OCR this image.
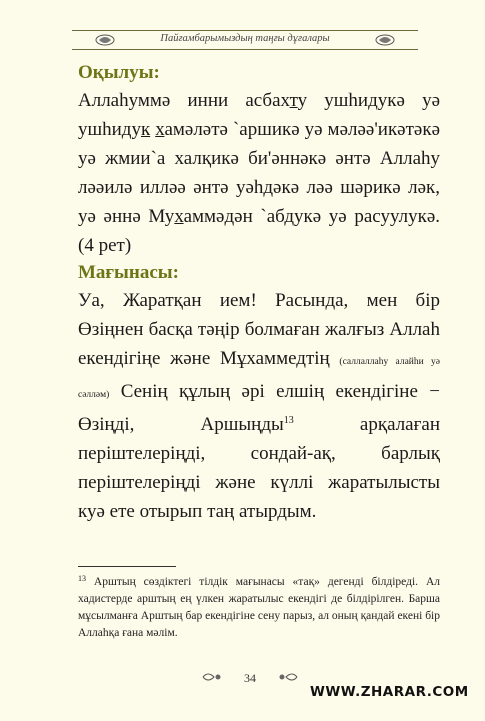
Пайғамбарымыздың таңғы дұғалары
Оқылуы:

Аллаһуммә инни асбахту ушһидукә уә ушһидук хамәләтә `аршикә уә мәләә'икәтәкә уә жмии`а халқикә би'әннәкә әнтә Аллаһу ләәилә илләә әнтә уәһдәкә ләә шәрикә ләк, уә әннә Мухаммәдән `абдукә уә расуулукә. (4 рет)

Мағынасы:

Уа, Жаратқан ием! Расында, мен бір Өзіңнен басқа тәңір болмаған жалғыз Аллаһ екендігіңе және Мұхаммедтің (саллаллаһу алайһи уә сәлләм) Сенің құлың әрі елшің екендігіне − Өзіңді, Аршыңды$^{13}$ арқалаған періштелеріңді, сондай-ақ, барлық періштелеріңді және күллі жаратылысты куә ете отырып таң атырдым.

$^{13}$ Арштың сөздіктегі тілдік мағынасы «тақ» дегенді білдіреді. Ал хадистерде арштың ең үлкен жаратылыс екендігі де білдірілген. Барша мұсылманға Арштың бар екендігіне сену парыз, ал оның қандай екені бір Аллаһқа ғана мәлім.
34
WWW.ZHARAR.COM
